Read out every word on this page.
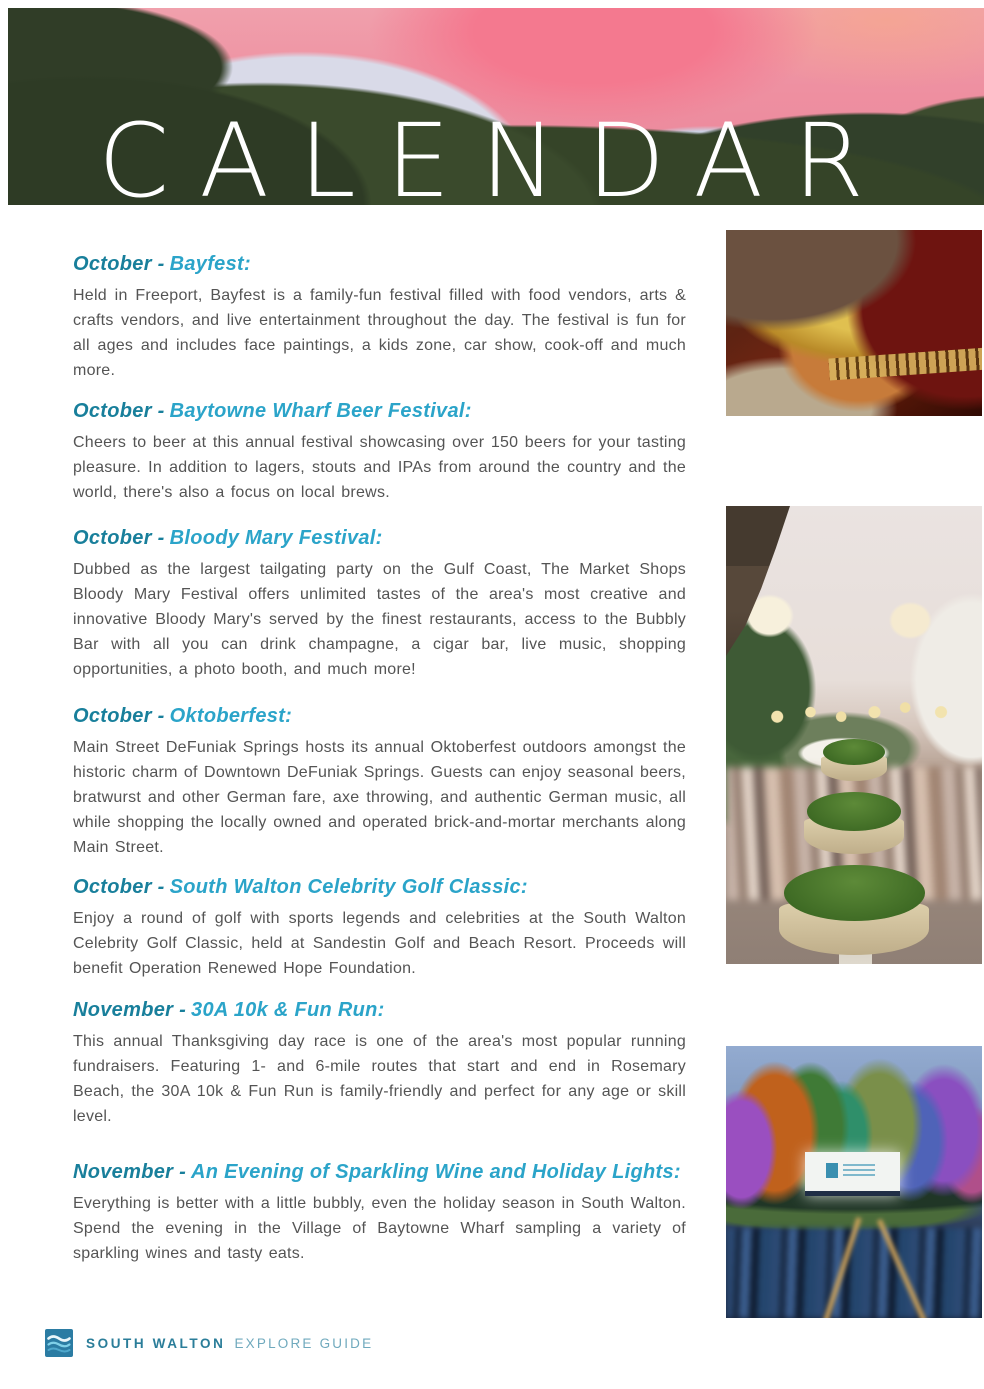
CALENDAR
October - Bayfest:

Held in Freeport, Bayfest is a family-fun festival filled with food vendors, arts & crafts vendors, and live entertainment throughout the day. The festival is fun for all ages and includes face paintings, a kids zone, car show, cook-off and much more.

October - Baytowne Wharf Beer Festival:

Cheers to beer at this annual festival showcasing over 150 beers for your tasting pleasure. In addition to lagers, stouts and IPAs from around the country and the world, there's also a focus on local brews.

October - Bloody Mary Festival:

Dubbed as the largest tailgating party on the Gulf Coast, The Market Shops Bloody Mary Festival offers unlimited tastes of the area's most creative and innovative Bloody Mary's served by the finest restaurants, access to the Bubbly Bar with all you can drink champagne, a cigar bar, live music, shopping opportunities, a photo booth, and much more!

October - Oktoberfest:

Main Street DeFuniak Springs hosts its annual Oktoberfest outdoors amongst the historic charm of Downtown DeFuniak Springs. Guests can enjoy seasonal beers, bratwurst and other German fare, axe throwing, and authentic German music, all while shopping the locally owned and operated brick-and-mortar merchants along Main Street.

October - South Walton Celebrity Golf Classic:

Enjoy a round of golf with sports legends and celebrities at the South Walton Celebrity Golf Classic, held at Sandestin Golf and Beach Resort. Proceeds will benefit Operation Renewed Hope Foundation.

November - 30A 10k & Fun Run:

This annual Thanksgiving day race is one of the area's most popular running fundraisers. Featuring 1- and 6-mile routes that start and end in Rosemary Beach, the 30A 10k & Fun Run is family-friendly and perfect for any age or skill level.

November - An Evening of Sparkling Wine and Holiday Lights:

Everything is better with a little bubbly, even the holiday season in South Walton. Spend the evening in the Village of Baytowne Wharf sampling a variety of sparkling wines and tasty eats.

SOUTH WALTON EXPLORE GUIDE
